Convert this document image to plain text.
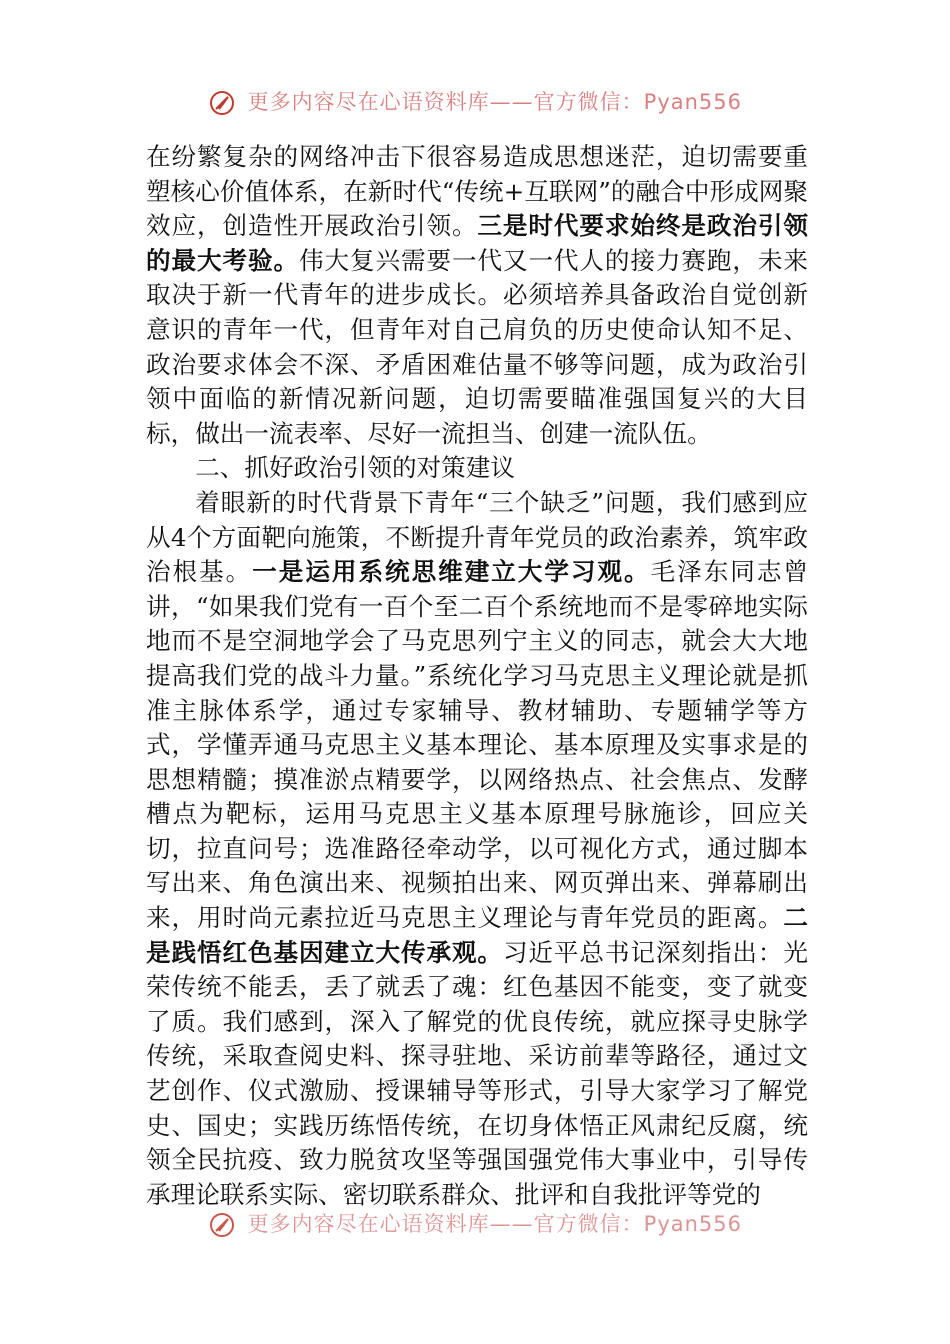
更多内容尽在心语资料库——官方微信：Pyan556

在纷繁复杂的网络冲击下很容易造成思想迷茫，迫切需要重塑核心价值体系，在新时代“传统+互联网”的融合中形成网聚效应，创造性开展政治引领。三是时代要求始终是政治引领的最大考验。伟大复兴需要一代又一代人的接力赛跑，未来取决于新一代青年的进步成长。必须培养具备政治自觉创新意识的青年一代，但青年对自己肩负的历史使命认知不足、政治要求体会不深、矛盾困难估量不够等问题，成为政治引领中面临的新情况新问题，迫切需要瞄准强国复兴的大目标，做出一流表率、尽好一流担当、创建一流队伍。

二、抓好政治引领的对策建议

着眼新的时代背景下青年“三个缺乏”问题，我们感到应从4个方面靶向施策，不断提升青年党员的政治素养，筑牢政治根基。一是运用系统思维建立大学习观。毛泽东同志曾讲，“如果我们党有一百个至二百个系统地而不是零碎地实际地而不是空洞地学会了马克思列宁主义的同志，就会大大地提高我们党的战斗力量。”系统化学习马克思主义理论就是抓准主脉体系学，通过专家辅导、教材辅助、专题辅学等方式，学懂弄通马克思主义基本理论、基本原理及实事求是的思想精髓；摸准淤点精要学，以网络热点、社会焦点、发酵槽点为靶标，运用马克思主义基本原理号脉施诊，回应关切，拉直问号；选准路径牵动学，以可视化方式，通过脚本写出来、角色演出来、视频拍出来、网页弹出来、弹幕刷出来，用时尚元素拉近马克思主义理论与青年党员的距离。二是践悟红色基因建立大传承观。习近平总书记深刻指出：光荣传统不能丢，丢了就丢了魂：红色基因不能变，变了就变了质。我们感到，深入了解党的优良传统，就应探寻史脉学传统，采取查阅史料、探寻驻地、采访前辈等路径，通过文艺创作、仪式激励、授课辅导等形式，引导大家学习了解党史、国史；实践历练悟传统，在切身体悟正风肃纪反腐，统领全民抗疫、致力脱贫攻坚等强国强党伟大事业中，引导传承理论联系实际、密切联系群众、批评和自我批评等党的

更多内容尽在心语资料库——官方微信：Pyan556
